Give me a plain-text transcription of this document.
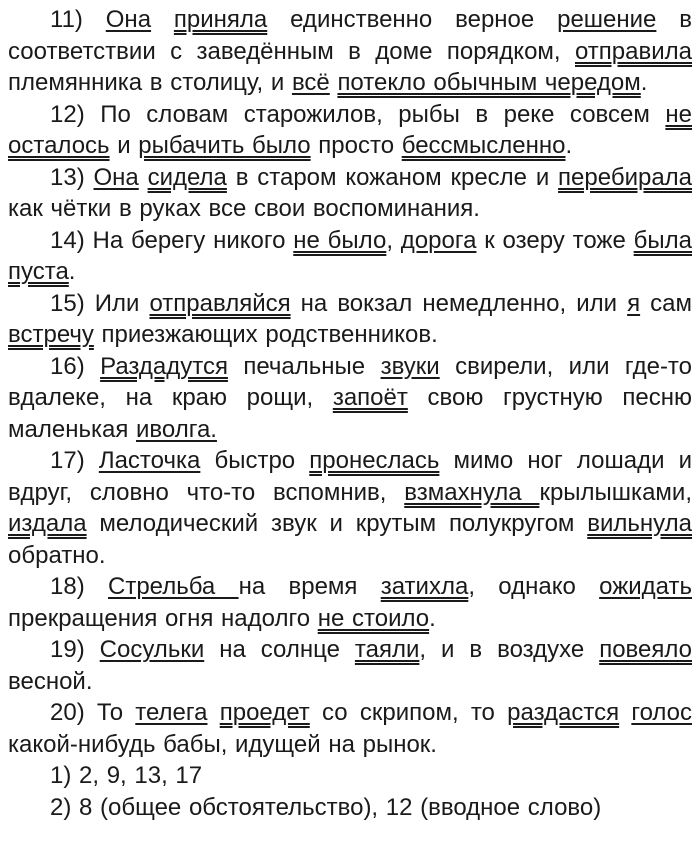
11) Она приняла единственно верное решение в соответствии с заведённым в доме порядком, отправила племянника в столицу, и всё потекло обычным чередом.

12) По словам старожилов, рыбы в реке совсем не осталось и рыбачить было просто бессмысленно.

13) Она сидела в старом кожаном кресле и перебирала как чётки в руках все свои воспоминания.

14) На берегу никого не было, дорога к озеру тоже была пуста.

15) Или отправляйся на вокзал немедленно, или я сам встречу приезжающих родственников.

16) Раздадутся печальные звуки свирели, или где-то вдалеке, на краю рощи, запоёт свою грустную песню маленькая иволга.

17) Ласточка быстро пронеслась мимо ног лошади и вдруг, словно что-то вспомнив, взмахнула крылышками, издала мелодический звук и крутым полукругом вильнула обратно.

18) Стрельба на время затихла, однако ожидать прекращения огня надолго не стоило.

19) Сосульки на солнце таяли, и в воздухе повеяло весной.

20) То телега проедет со скрипом, то раздастся голос какой-нибудь бабы, идущей на рынок.

1) 2, 9, 13, 17

2) 8 (общее обстоятельство), 12 (вводное слово)
